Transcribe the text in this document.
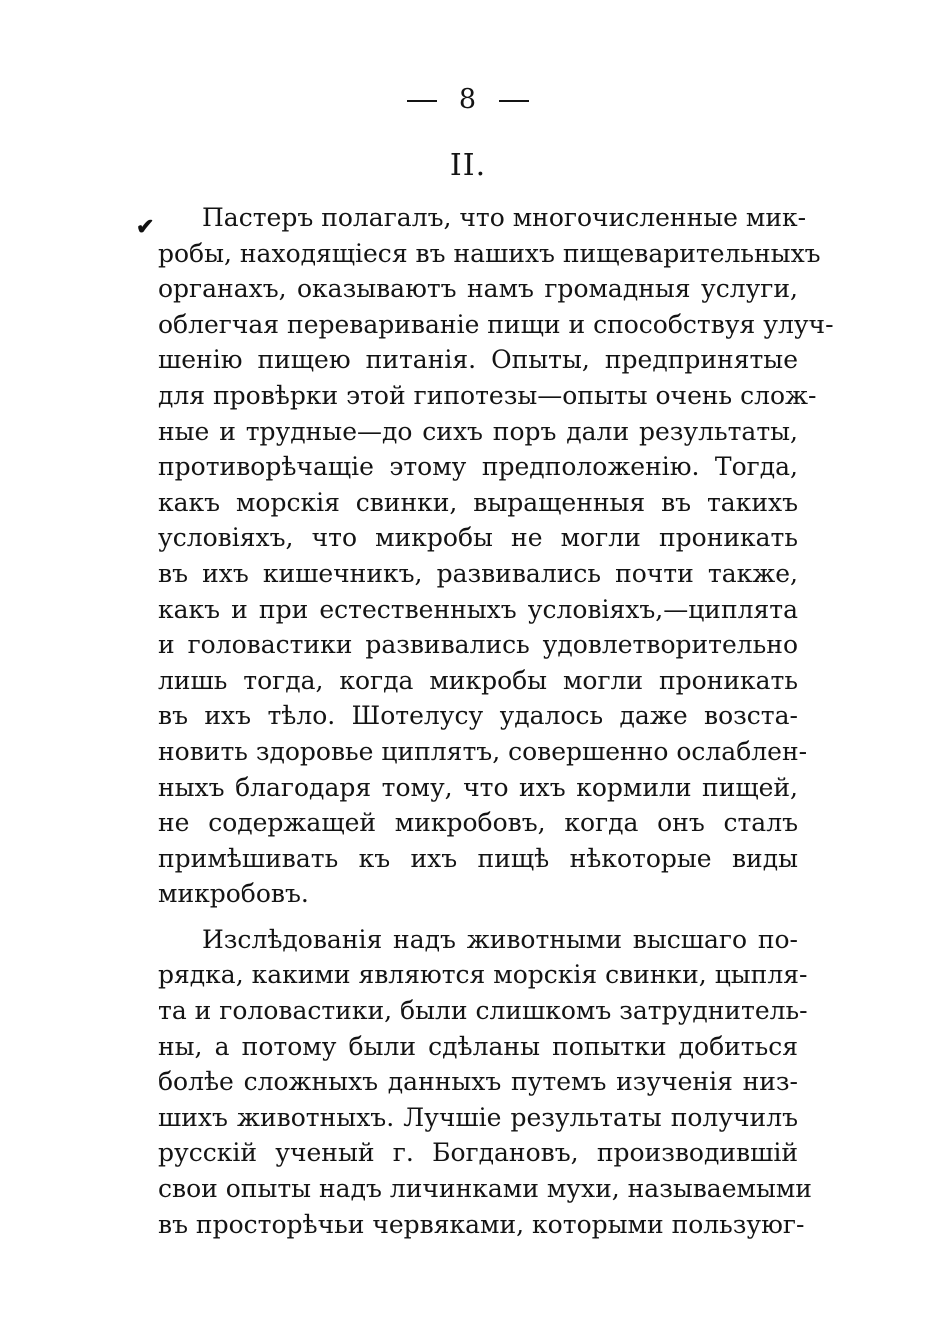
8
II.
✔	Пастеръ полагалъ, что многочисленные мик-
робы, находящіеся въ нашихъ пищеварительныхъ
органахъ, оказываютъ намъ громадныя услуги,
облегчая перевариваніе пищи и способствуя улуч-
шенію пищею питанія. Опыты, предпринятые
для провѣрки этой гипотезы—опыты очень слож-
ные и трудные—до сихъ поръ дали результаты,
противорѣчащіе этому предположенію. Тогда,
какъ морскія свинки, выращенныя въ такихъ
условіяхъ, что микробы не могли проникать
въ ихъ кишечникъ, развивались почти также,
какъ и при естественныхъ условіяхъ,—циплята
и головастики развивались удовлетворительно
лишь тогда, когда микробы могли проникать
въ ихъ тѣло. Шотелусу удалось даже возста-
новить здоровье циплятъ, совершенно ослаблен-
ныхъ благодаря тому, что ихъ кормили пищей,
не содержащей микробовъ, когда онъ сталъ
примѣшивать къ ихъ пищѣ нѣкоторые виды
микробовъ.
Изслѣдованія надъ животными высшаго по-
рядка, какими являются морскія свинки, цыпля-
та и головастики, были слишкомъ затруднитель-
ны, а потому были сдѣланы попытки добиться
болѣе сложныхъ данныхъ путемъ изученія низ-
шихъ животныхъ. Лучшіе результаты получилъ
русскій ученый г. Богдановъ, производившій
свои опыты надъ личинками мухи, называемыми
въ просторѣчьи червяками, которыми пользуюг-
